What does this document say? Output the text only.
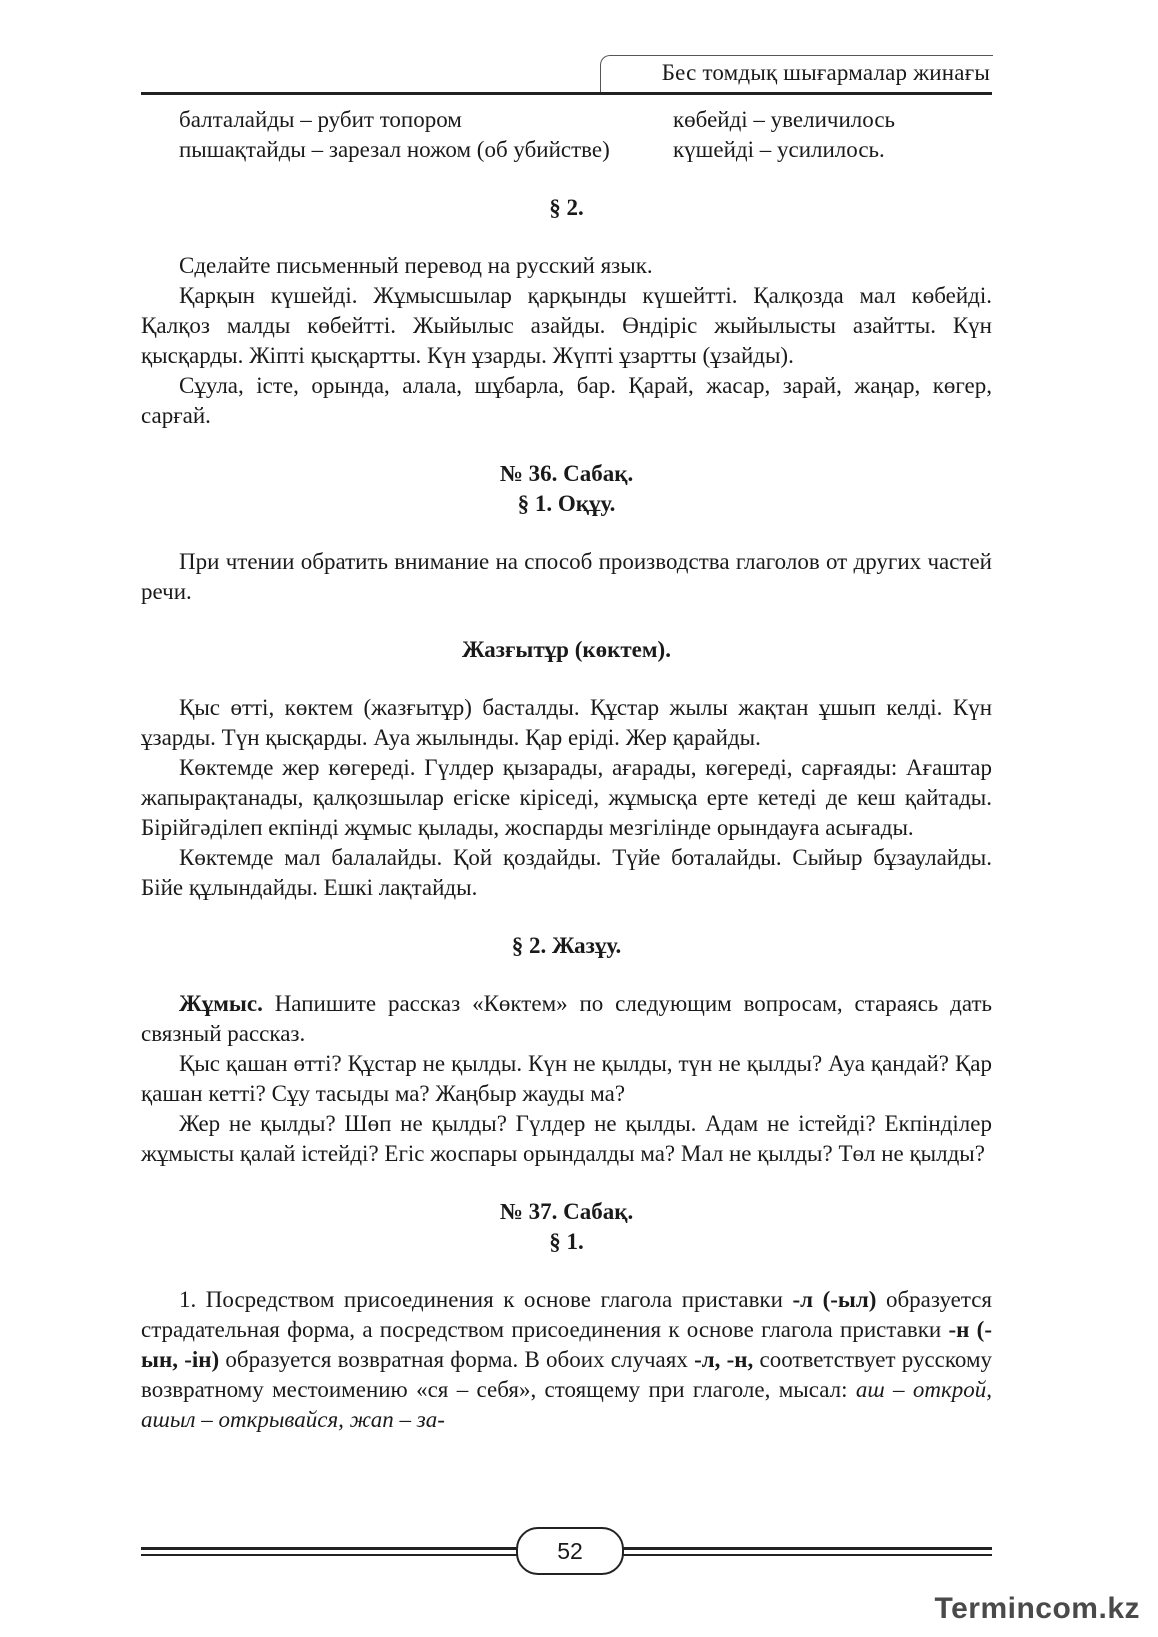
Бес томдық шығармалар жинағы
балталайды – рубит топором
пышақтайды – зарезал ножом (об убийстве)
көбейді – увеличилось
күшейді – усилилось.
§ 2.

Сделайте письменный перевод на русский язык.

Қарқын күшейді. Жұмысшылар қарқынды күшейтті. Қалқозда мал көбейді. Қалқоз малды көбейтті. Жыйылыс азайды. Өндіріс жыйылысты азайтты. Күн қысқарды. Жіпті қысқартты. Күн ұзарды. Жүпті ұзартты (ұзайды).

Сұула, істе, орында, алала, шұбарла, бар. Қарай, жасар, зарай, жаңар, көгер, сарғай.

№ 36. Сабақ.
§ 1. Оқұу.

При чтении обратить внимание на способ производства глаголов от других частей речи.

Жазғытұр (көктем).

Қыс өтті, көктем (жазғытұр) басталды. Құстар жылы жақтан ұшып келді. Күн ұзарды. Түн қысқарды. Ауа жылынды. Қар еріді. Жер қарайды.

Көктемде жер көгереді. Гүлдер қызарады, ағарады, көгереді, сарғаяды: Ағаштар жапырақтанады, қалқозшылар егіске кіріседі, жұмысқа ерте кетеді де кеш қайтады. Бірійгәділеп екпінді жұмыс қылады, жоспарды мезгілінде орындауға асығады.

Көктемде мал балалайды. Қой қоздайды. Түйе боталайды. Сыйыр бұзаулайды. Бійе құлындайды. Ешкі лақтайды.

§ 2. Жазұу.

Жұмыс. Напишите рассказ «Көктем» по следующим вопросам, стараясь дать связный рассказ.

Қыс қашан өтті? Құстар не қылды. Күн не қылды, түн не қылды? Ауа қандай? Қар қашан кетті? Сұу тасыды ма? Жаңбыр жауды ма?

Жер не қылды? Шөп не қылды? Гүлдер не қылды. Адам не істейді? Екпінділер жұмысты қалай істейді? Егіс жоспары орындалды ма? Мал не қылды? Төл не қылды?

№ 37. Сабақ.
§ 1.

1. Посредством присоединения к основе глагола приставки -л (-ыл) образуется страдательная форма, а посредством присоединения к основе глагола приставки -н (-ын, -ін) образуется возвратная форма. В обоих случаях -л, -н, соответствует русскому возвратному местоимению «ся – себя», стоящему при глаголе, мысал: аш – открой, ашыл – открывайся, жап – за-

52
Termincom.kz
